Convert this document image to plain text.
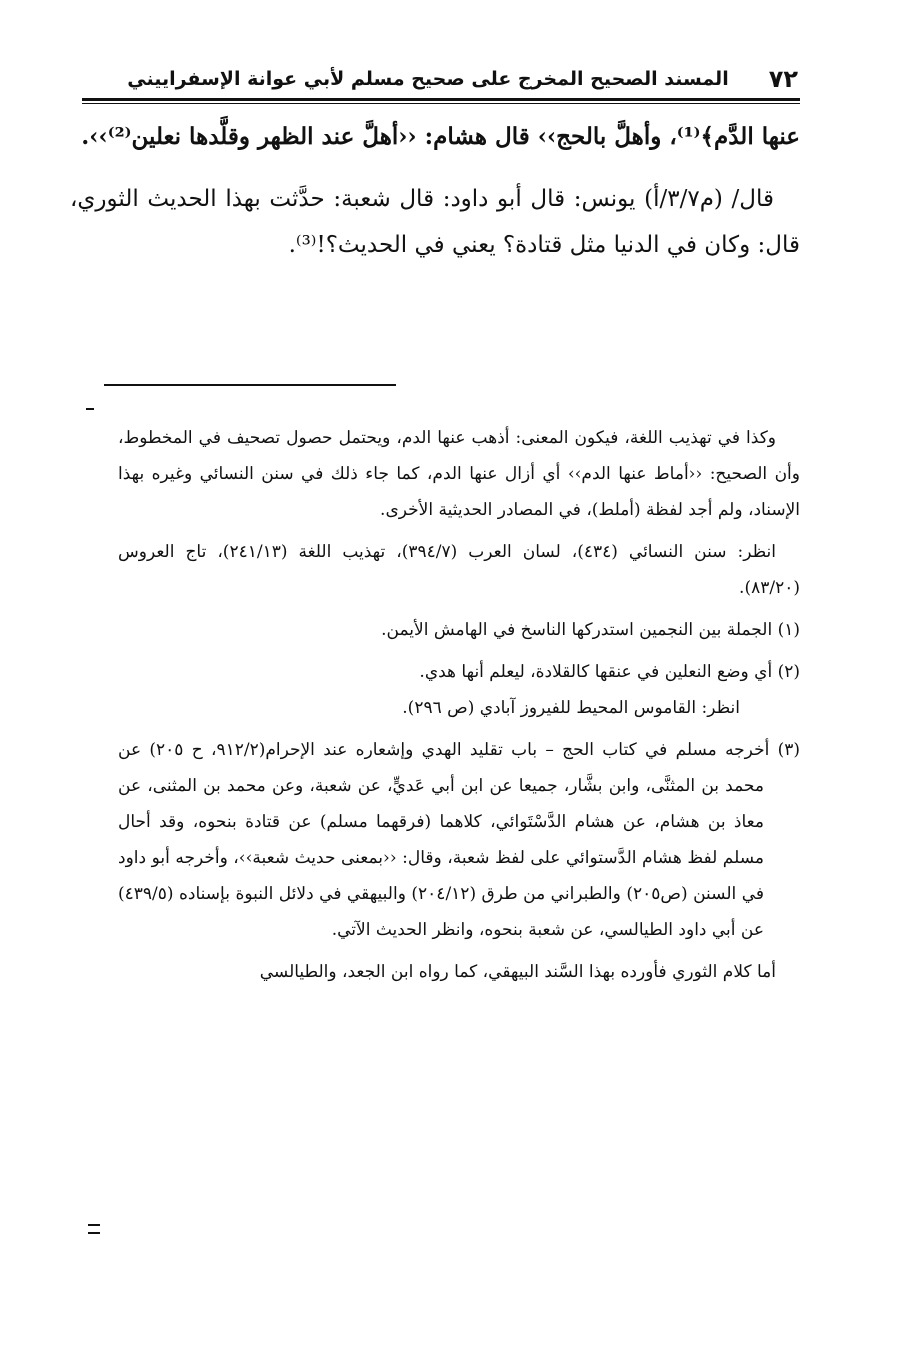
٧٢
المسند الصحيح المخرج على صحيح مسلم لأبي عوانة الإسفراييني

عنها الدَّم﴾⁽¹⁾، وأهلَّ بالحج›› قال هشام: ‹‹أهلَّ عند الظهر وقلَّدها نعلين⁽²⁾››.

قال/ (م٣/٧/أ) يونس: قال أبو داود: قال شعبة: حدَّثت بهذا الحديث الثوري، قال: وكان في الدنيا مثل قتادة؟ يعني في الحديث؟!⁽³⁾.

وكذا في تهذيب اللغة، فيكون المعنى: أذهب عنها الدم، ويحتمل حصول تصحيف في المخطوط، وأن الصحيح: ‹‹أماط عنها الدم›› أي أزال عنها الدم، كما جاء ذلك في سنن النسائي وغيره بهذا الإسناد، ولم أجد لفظة (أملط)، في المصادر الحديثية الأخرى.

انظر: سنن النسائي (٤٣٤)، لسان العرب (٣٩٤/٧)، تهذيب اللغة (٢٤١/١٣)، تاج العروس (٨٣/٢٠).

(١) الجملة بين النجمين استدركها الناسخ في الهامش الأيمن.

(٢) أي وضع النعلين في عنقها كالقلادة، ليعلم أنها هدي.

انظر: القاموس المحيط للفيروز آبادي (ص ٢٩٦).

(٣) أخرجه مسلم في كتاب الحج – باب تقليد الهدي وإشعاره عند الإحرام(٩١٢/٢، ح ٢٠٥) عن محمد بن المثنَّى، وابن بشَّار، جميعا عن ابن أبي عَديٍّ، عن شعبة، وعن محمد بن المثنى، عن معاذ بن هشام، عن هشام الدَّسْتَوائي، كلاهما (فرقهما مسلم) عن قتادة بنحوه، وقد أحال مسلم لفظ هشام الدَّستوائي على لفظ شعبة، وقال: ‹‹بمعنى حديث شعبة››، وأخرجه أبو داود في السنن (ص٢٠٥) والطبراني من طرق (٢٠٤/١٢) والبيهقي في دلائل النبوة بإسناده (٤٣٩/٥) عن أبي داود الطيالسي، عن شعبة بنحوه، وانظر الحديث الآتي.

أما كلام الثوري فأورده بهذا السَّند البيهقي، كما رواه ابن الجعد، والطيالسي
